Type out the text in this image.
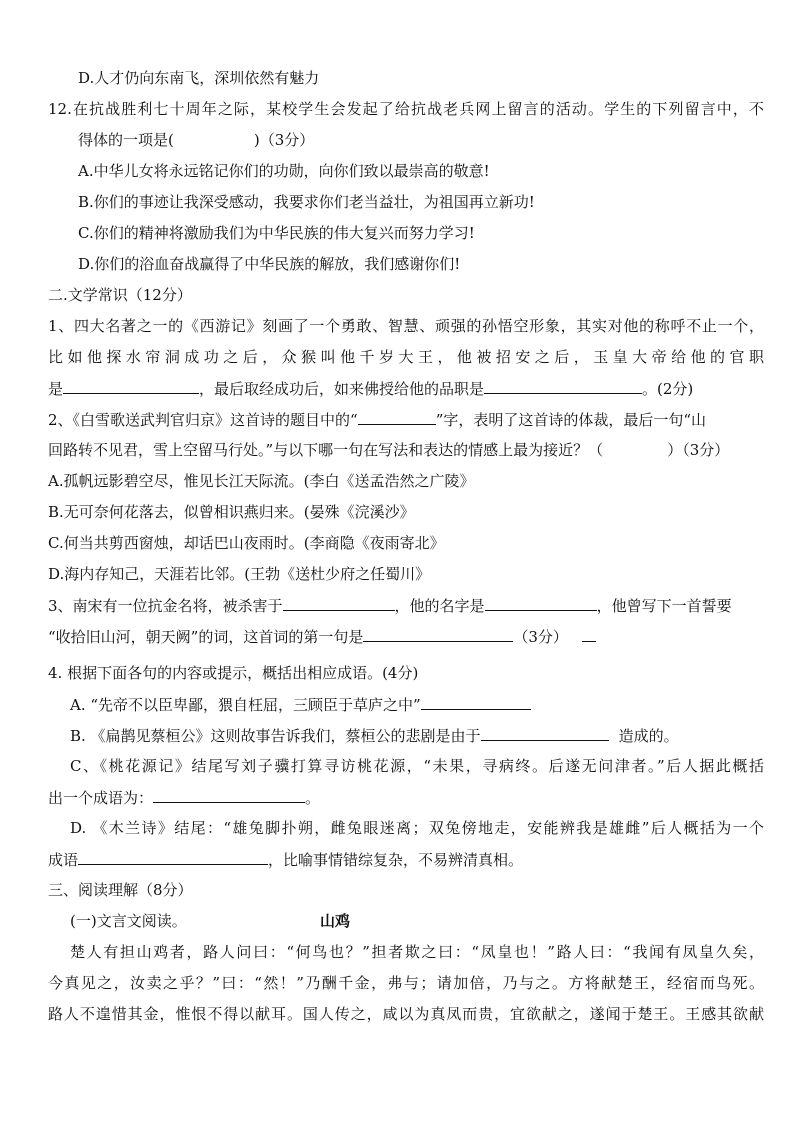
D.人才仍向东南飞，深圳依然有魅力
12.在抗战胜利七十周年之际，某校学生会发起了给抗战老兵网上留言的活动。学生的下列留言中，不
得体的一项是(	)（3分）
A.中华儿女将永远铭记你们的功勋，向你们致以最崇高的敬意!
B.你们的事迹让我深受感动，我要求你们老当益壮，为祖国再立新功!
C.你们的精神将激励我们为中华民族的伟大复兴而努力学习!
D.你们的浴血奋战赢得了中华民族的解放，我们感谢你们!
二.文学常识（12分）
1、四大名著之一的《西游记》刻画了一个勇敢、智慧、顽强的孙悟空形象，其实对他的称呼不止一个，
比如他探水帘洞成功之后，众猴叫他千岁大王，他被招安之后，玉皇大帝给他的官职
是	，最后取经成功后，如来佛授给他的品职是	。(2分)
2、《白雪歌送武判官归京》这首诗的题目中的“	”字，表明了这首诗的体裁，最后一句“山
回路转不见君，雪上空留马行处。”与以下哪一句在写法和表达的情感上最为接近？（	）（3分）
A.孤帆远影碧空尽，惟见长江天际流。(李白《送孟浩然之广陵》
B.无可奈何花落去，似曾相识燕归来。(晏殊《浣溪沙》
C.何当共剪西窗烛，却话巴山夜雨时。(李商隐《夜雨寄北》
D.海内存知己，天涯若比邻。(王勃《送杜少府之任蜀川》
3、南宋有一位抗金名将，被杀害于	，他的名字是	，他曾写下一首誓要
“收拾旧山河，朝天阙”的词，这首词的第一句是	（3分）
4. 根据下面各句的内容或提示，概括出相应成语。(4分)
A. “先帝不以臣卑鄙，猥自枉屈，三顾臣于草庐之中”
B. 《扁鹊见蔡桓公》这则故事告诉我们，蔡桓公的悲剧是由于	造成的。
C、《桃花源记》结尾写刘子骥打算寻访桃花源，“未果，寻病终。后遂无问津者。”后人据此概括
出一个成语为：	。
D. 《木兰诗》结尾：“雄兔脚扑朔，雌兔眼迷离；双兔傍地走，安能辨我是雄雌”后人概括为一个
成语	，比喻事情错综复杂，不易辨清真相。
三、阅读理解（8分）
(一)文言文阅读。	山鸡
楚人有担山鸡者，路人问曰：“何鸟也？”担者欺之曰：“凤皇也！”路人曰：“我闻有凤皇久矣，
今真见之，汝卖之乎？”曰：“然！”乃酬千金，弗与；请加倍，乃与之。方将献楚王，经宿而鸟死。
路人不遑惜其金，惟恨不得以献耳。国人传之，咸以为真凤而贵，宜欲献之，遂闻于楚王。王感其欲献
